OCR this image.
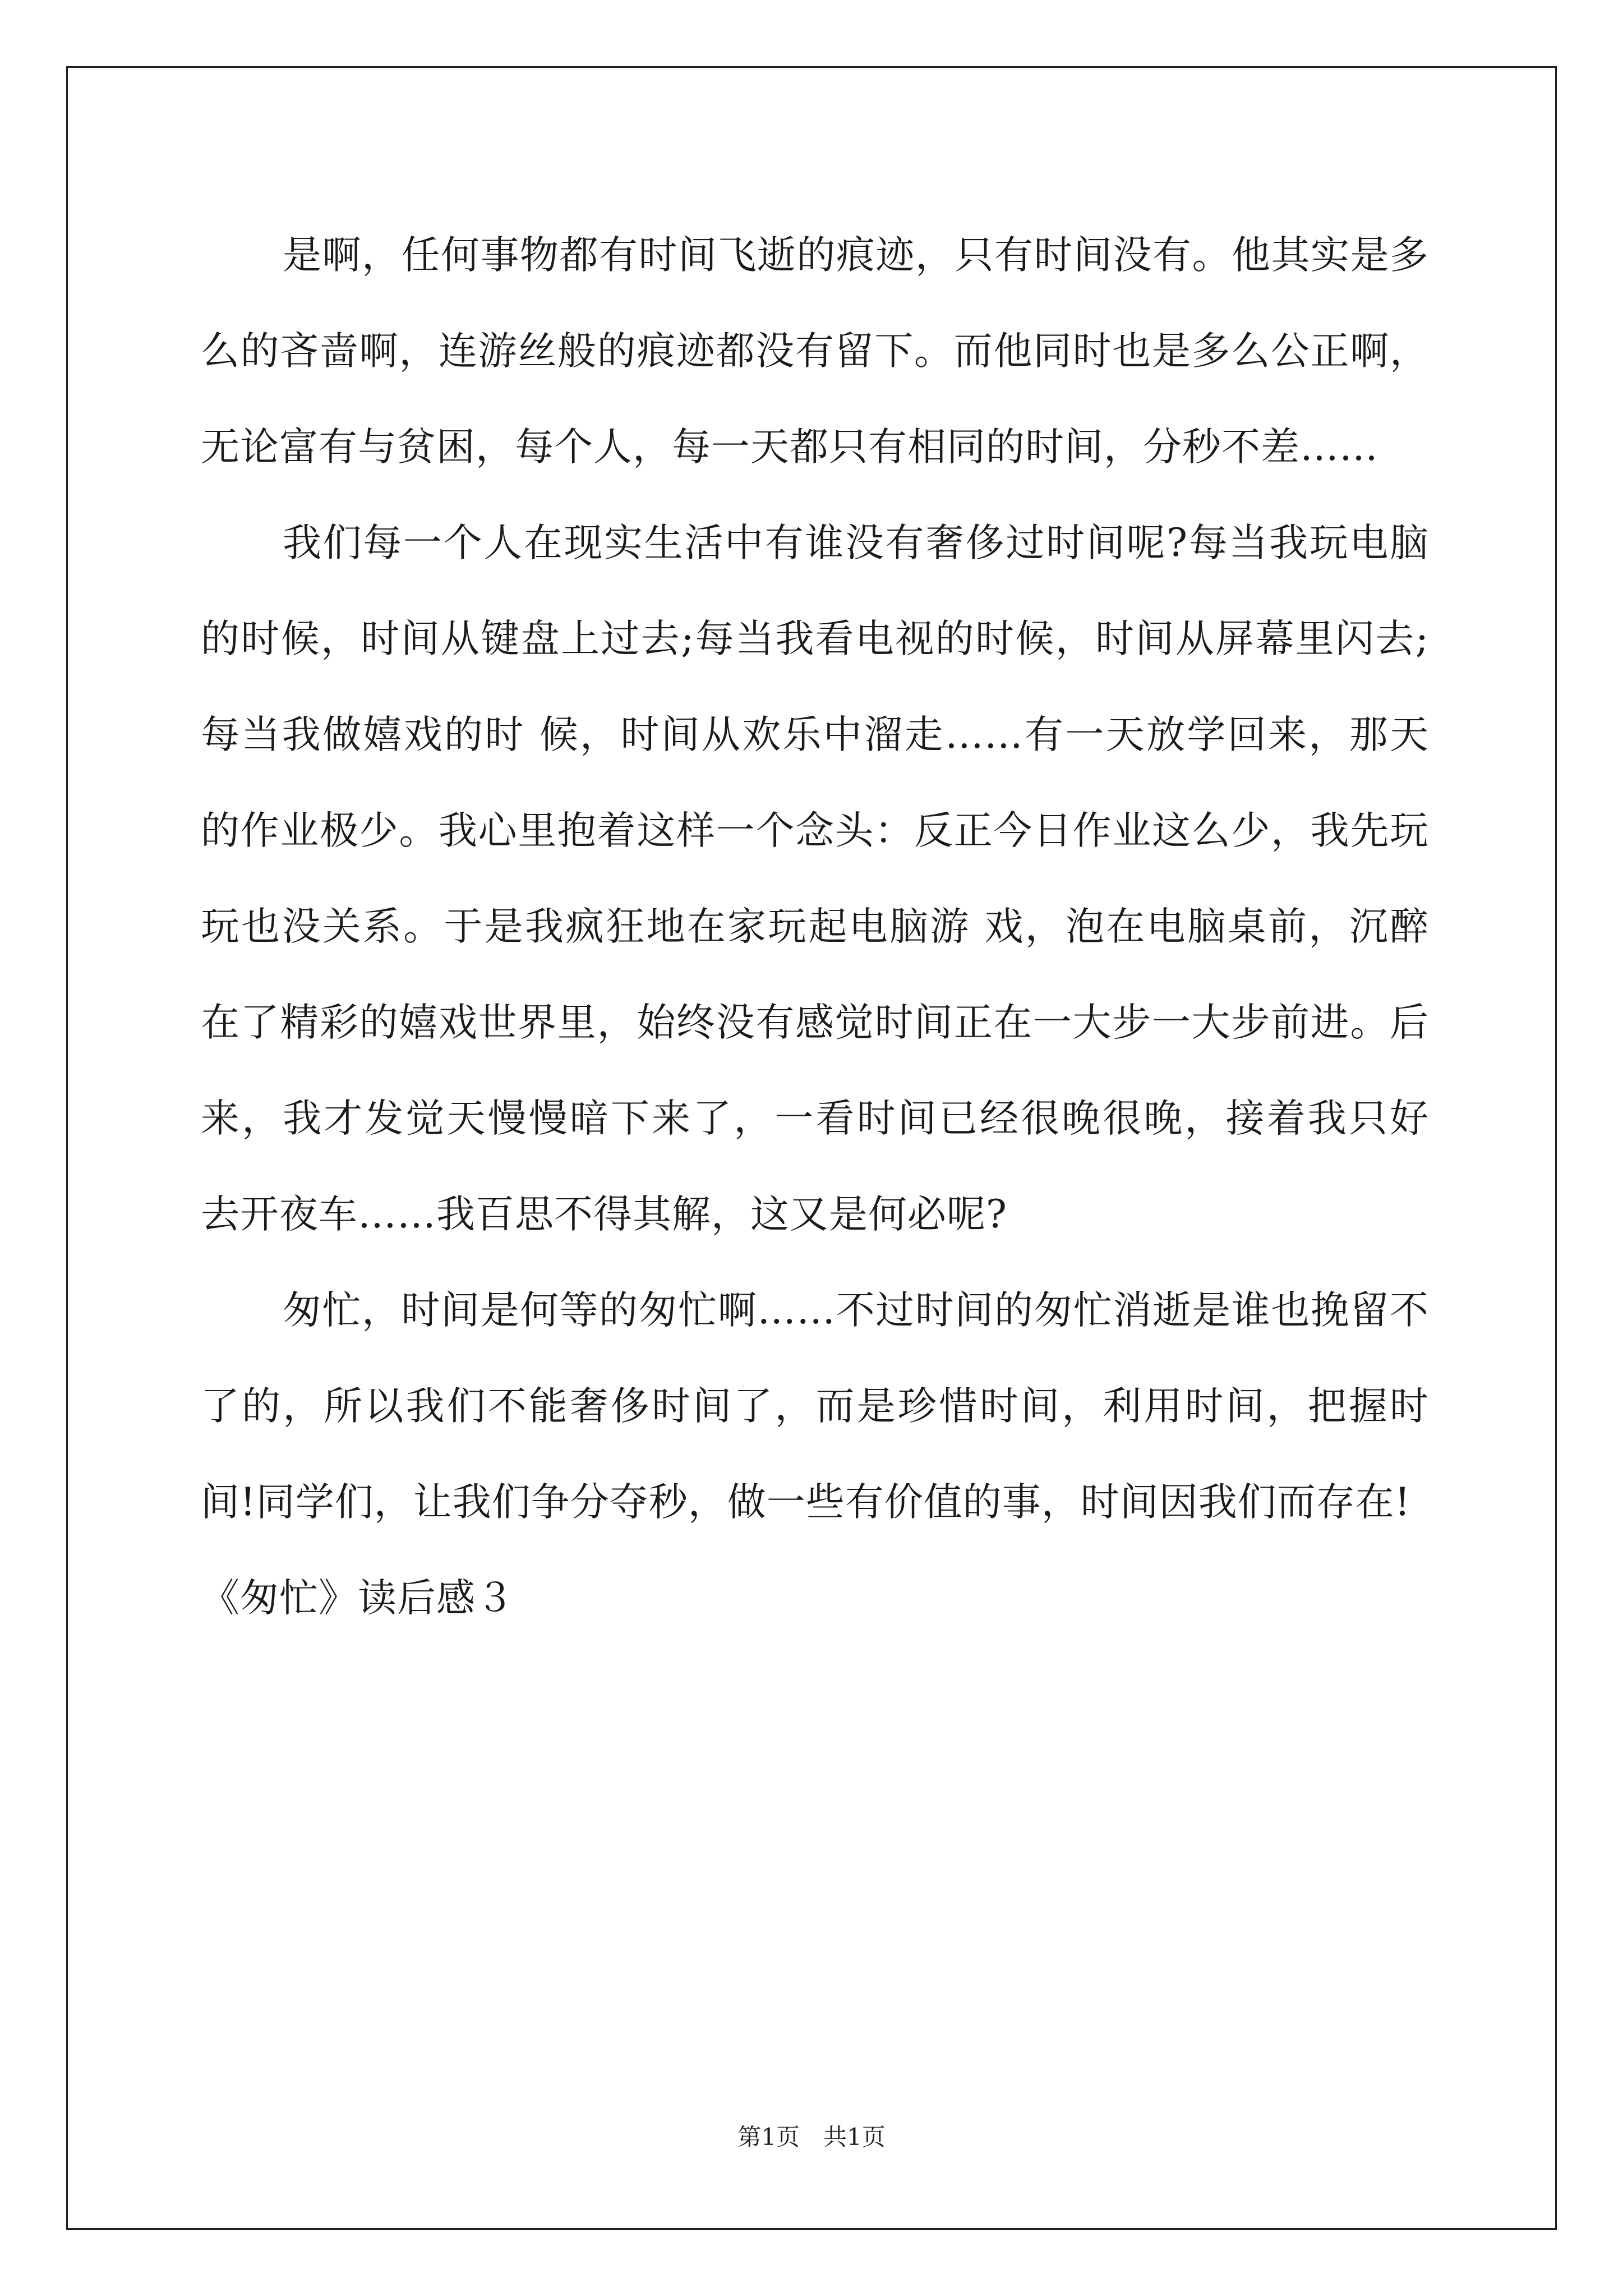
是啊，任何事物都有时间飞逝的痕迹，只有时间没有。他其实是多么的吝啬啊，连游丝般的痕迹都没有留下。而他同时也是多么公正啊，无论富有与贫困，每个人，每一天都只有相同的时间，分秒不差……

我们每一个人在现实生活中有谁没有奢侈过时间呢?每当我玩电脑的时候，时间从键盘上过去;每当我看电视的时候，时间从屏幕里闪去;每当我做嬉戏的时 候，时间从欢乐中溜走……有一天放学回来，那天的作业极少。我心里抱着这样一个念头：反正今日作业这么少，我先玩玩也没关系。于是我疯狂地在家玩起电脑游 戏，泡在电脑桌前，沉醉在了精彩的嬉戏世界里，始终没有感觉时间正在一大步一大步前进。后来，我才发觉天慢慢暗下来了，一看时间已经很晚很晚，接着我只好 去开夜车……我百思不得其解，这又是何必呢?

匆忙，时间是何等的匆忙啊……不过时间的匆忙消逝是谁也挽留不了的，所以我们不能奢侈时间了，而是珍惜时间，利用时间，把握时间!同学们，让我们争分夺秒，做一些有价值的事，时间因我们而存在!

《匆忙》读后感３

第1页　共1页
